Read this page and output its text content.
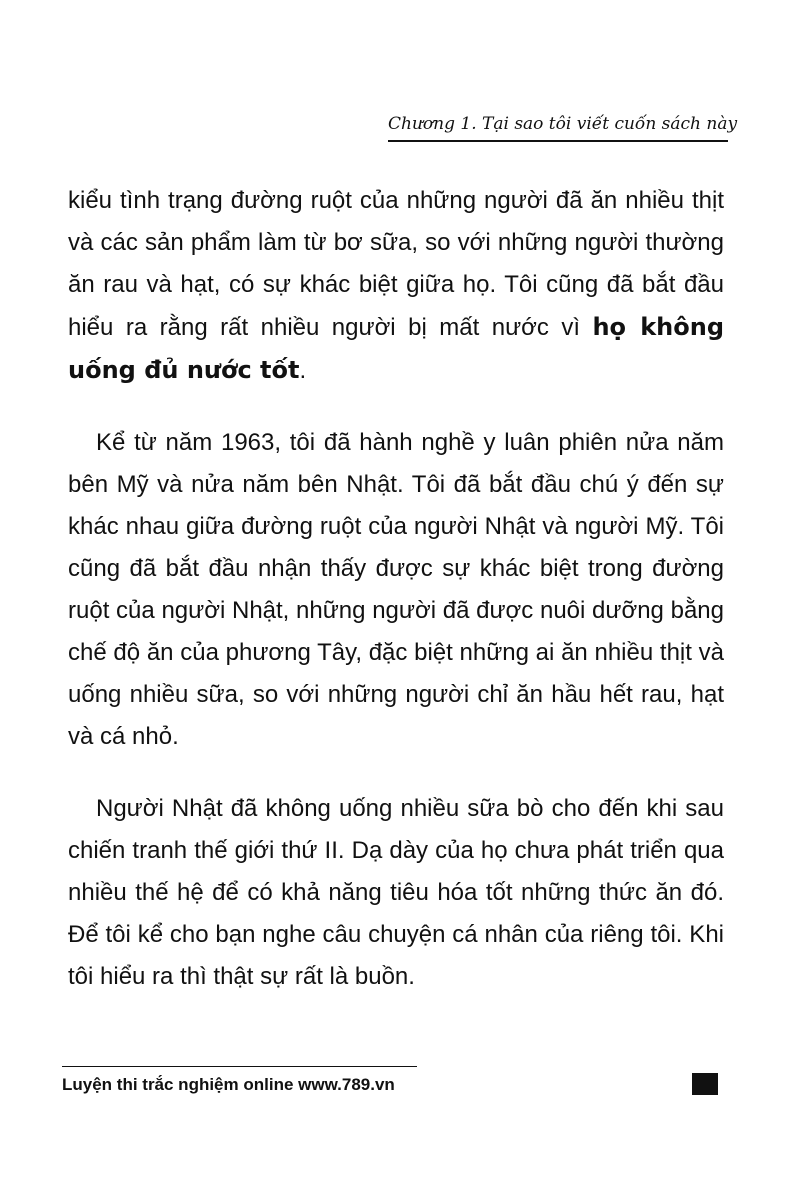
Chương 1. Tại sao tôi viết cuốn sách này

kiểu tình trạng đường ruột của những người đã ăn nhiều thịt và các sản phẩm làm từ bơ sữa, so với những người thường ăn rau và hạt, có sự khác biệt giữa họ. Tôi cũng đã bắt đầu hiểu ra rằng rất nhiều người bị mất nước vì họ không uống đủ nước tốt.

Kể từ năm 1963, tôi đã hành nghề y luân phiên nửa năm bên Mỹ và nửa năm bên Nhật. Tôi đã bắt đầu chú ý đến sự khác nhau giữa đường ruột của người Nhật và người Mỹ. Tôi cũng đã bắt đầu nhận thấy được sự khác biệt trong đường ruột của người Nhật, những người đã được nuôi dưỡng bằng chế độ ăn của phương Tây, đặc biệt những ai ăn nhiều thịt và uống nhiều sữa, so với những người chỉ ăn hầu hết rau, hạt và cá nhỏ.

Người Nhật đã không uống nhiều sữa bò cho đến khi sau chiến tranh thế giới thứ II. Dạ dày của họ chưa phát triển qua nhiều thế hệ để có khả năng tiêu hóa tốt những thức ăn đó. Để tôi kể cho bạn nghe câu chuyện cá nhân của riêng tôi. Khi tôi hiểu ra thì thật sự rất là buồn.

Luyện thi trắc nghiệm online www.789.vn
